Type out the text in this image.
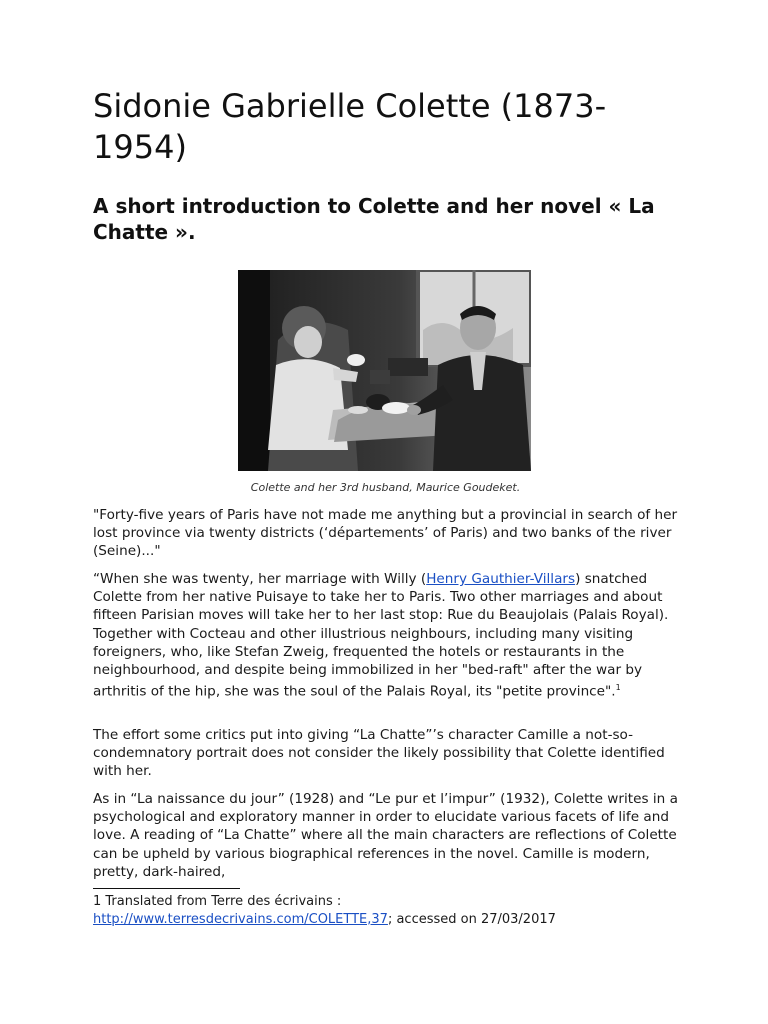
Sidonie Gabrielle Colette (1873-1954)
A short introduction to Colette and her novel « La Chatte ».

Colette and her 3rd husband, Maurice Goudeket.

"Forty-five years of Paris have not made me anything but a provincial in search of her lost province via twenty districts (‘départements’ of Paris) and two banks of the river (Seine)..."

“When she was twenty, her marriage with Willy (Henry Gauthier-Villars) snatched Colette from her native Puisaye to take her to Paris. Two other marriages and about fifteen Parisian moves will take her to her last stop: Rue du Beaujolais (Palais Royal). Together with Cocteau and other illustrious neighbours, including many visiting foreigners, who, like Stefan Zweig, frequented the hotels or restaurants in the neighbourhood, and despite being immobilized in her "bed-raft" after the war by arthritis of the hip, she was the soul of the Palais Royal, its "petite province".$^1$

The effort some critics put into giving “La Chatte”’s character Camille a not-so-condemnatory portrait does not consider the likely possibility that Colette identified with her.

As in “La naissance du jour” (1928) and “Le pur et l’impur” (1932), Colette writes in a psychological and exploratory manner in order to elucidate various facets of life and love. A reading of “La Chatte” where all the main characters are reflections of Colette can be upheld by various biographical references in the novel. Camille is modern, pretty, dark-haired,

1 Translated from Terre des écrivains :
http://www.terresdecrivains.com/COLETTE,37; accessed on 27/03/2017
